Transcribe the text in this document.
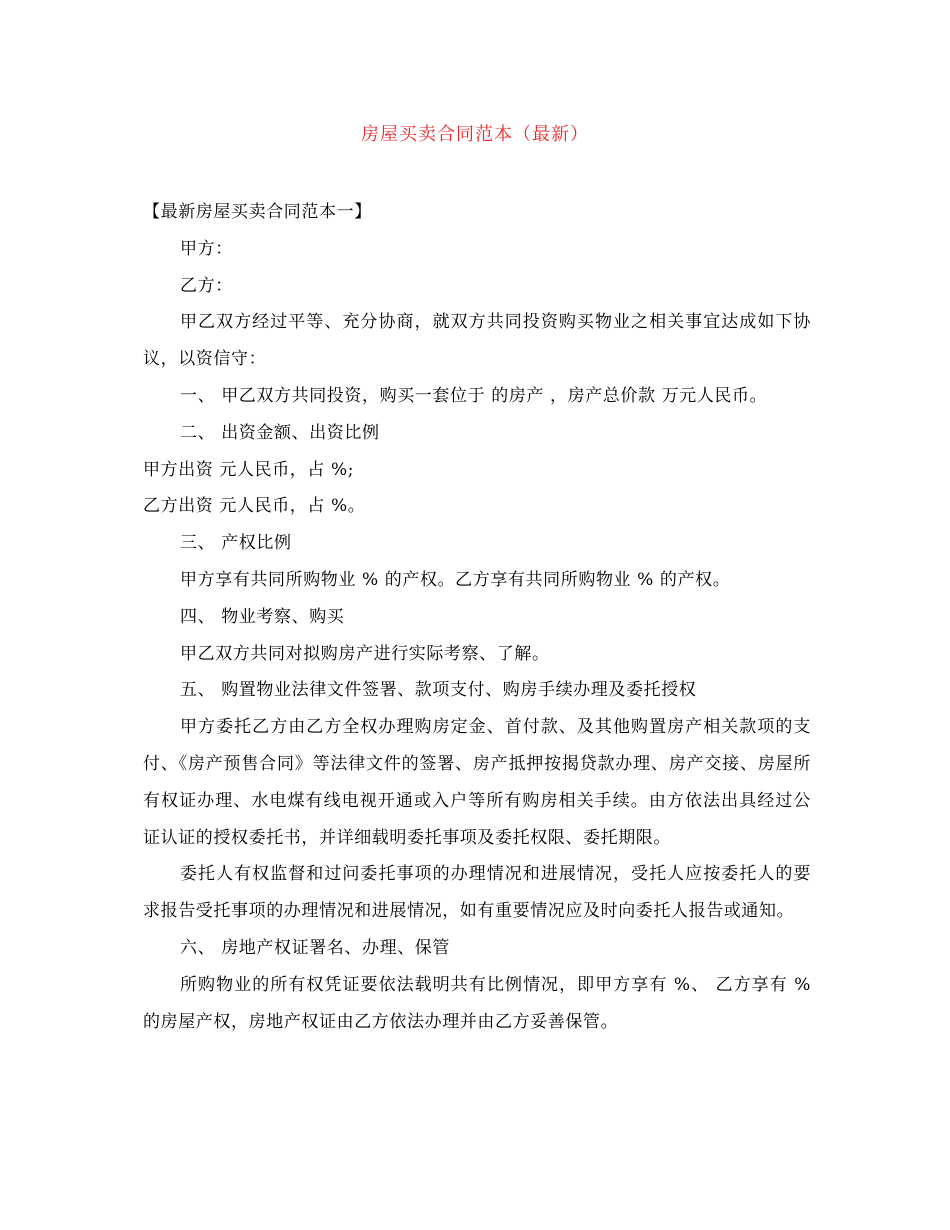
房屋买卖合同范本（最新）

【最新房屋买卖合同范本一】

甲方：

乙方：

甲乙双方经过平等、充分协商，就双方共同投资购买物业之相关事宜达成如下协议，以资信守：

一、 甲乙双方共同投资，购买一套位于 的房产 ，房产总价款 万元人民币。

二、 出资金额、出资比例

甲方出资 元人民币，占 %;

乙方出资 元人民币，占 %。

三、 产权比例

甲方享有共同所购物业 % 的产权。乙方享有共同所购物业 % 的产权。

四、 物业考察、购买

甲乙双方共同对拟购房产进行实际考察、了解。

五、 购置物业法律文件签署、款项支付、购房手续办理及委托授权

甲方委托乙方由乙方全权办理购房定金、首付款、及其他购置房产相关款项的支付、《房产预售合同》等法律文件的签署、房产抵押按揭贷款办理、房产交接、房屋所有权证办理、水电煤有线电视开通或入户等所有购房相关手续。由方依法出具经过公证认证的授权委托书，并详细载明委托事项及委托权限、委托期限。

委托人有权监督和过问委托事项的办理情况和进展情况，受托人应按委托人的要求报告受托事项的办理情况和进展情况，如有重要情况应及时向委托人报告或通知。

六、 房地产权证署名、办理、保管

所购物业的所有权凭证要依法载明共有比例情况，即甲方享有 %、 乙方享有 % 的房屋产权，房地产权证由乙方依法办理并由乙方妥善保管。
